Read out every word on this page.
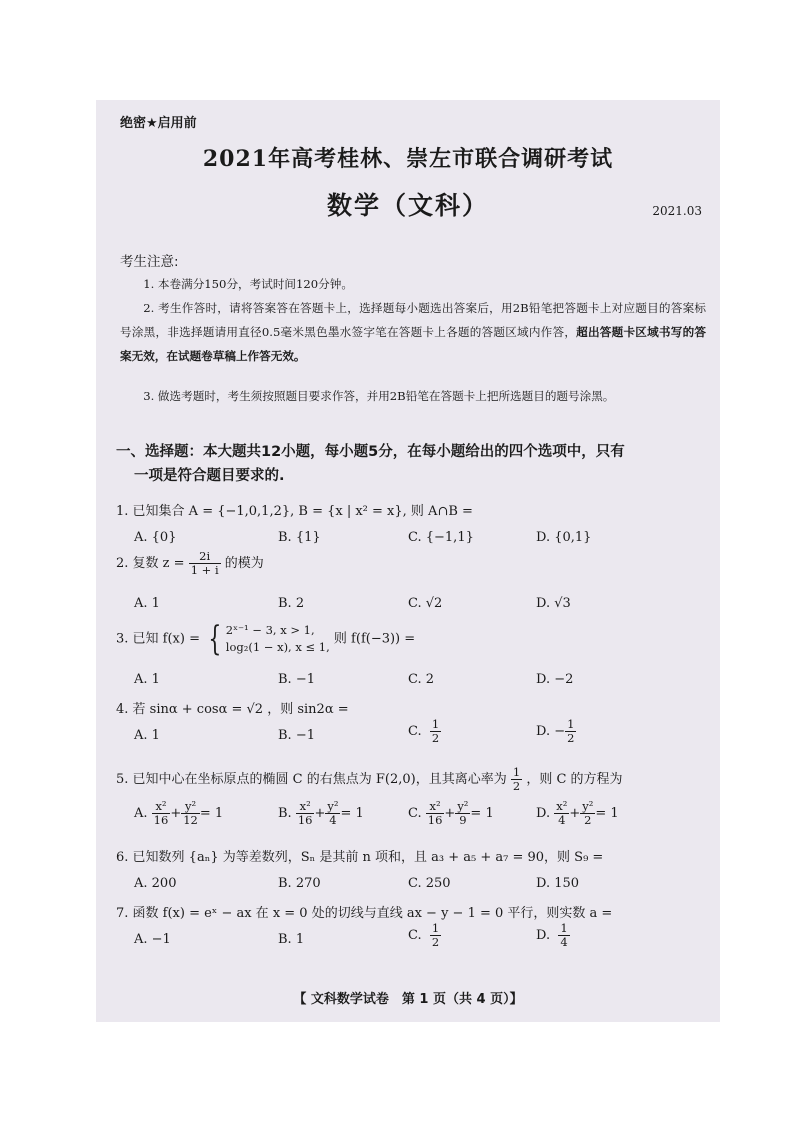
绝密★启用前
2021年高考桂林、崇左市联合调研考试
数学（文科）	2021.03
考生注意:
1. 本卷满分150分，考试时间120分钟。
2. 考生作答时，请将答案答在答题卡上，选择题每小题选出答案后，用2B铅笔把答题卡上对应题目的答案标号涂黑，非选择题请用直径0.5毫米黑色墨水签字笔在答题卡上各题的答题区域内作答，超出答题卡区域书写的答案无效，在试题卷草稿上作答无效。
3. 做选考题时，考生须按照题目要求作答，并用2B铅笔在答题卡上把所选题目的题号涂黑。
一、选择题：本大题共12小题，每小题5分，在每小题给出的四个选项中，只有
一项是符合题目要求的.
1. 已知集合 A = {−1,0,1,2}, B = {x | x² = x}, 则 A∩B =
A. {0}	B. {1}	C. {−1,1}	D. {0,1}
2. 复数 $z = \frac{2i}{1 + i}$ 的模为
A. 1	B. 2	C. √2	D. √3
3. 已知 f(x) = { 2ˣ⁻¹ − 3, x > 1,
log₂(1 − x), x ≤ 1,
则 f(f(−3)) =
A. 1	B. −1	C. 2	D. −2
4. 若 sinα + cosα = √2 ，则 sin2α =
A. 1	B. −1	C. $\frac{1}{2}$	D. − $\frac{1}{2}$
5. 已知中心在坐标原点的椭圆 C 的右焦点为 F(2,0)，且其离心率为 $\frac{1}{2}$ ，则 C 的方程为
A. $\frac{\text{x²}}{16} + \frac{\text{y²}}{12} = 1$	B. $\frac{\text{x²}}{16} + \frac{\text{y²}}{4} = 1$	C. $\frac{\text{x²}}{16} + \frac{\text{y²}}{9} = 1$	D. $\frac{\text{x²}}{4} + \frac{\text{y²}}{2} = 1$
6. 已知数列 {aₙ} 为等差数列，Sₙ 是其前 n 项和，且 a₃ + a₅ + a₇ = 90，则 S₉ =
A. 200	B. 270	C. 250	D. 150
7. 函数 f(x) = eˣ − ax 在 x = 0 处的切线与直线 ax − y − 1 = 0 平行，则实数 a =
A. −1	B. 1	C. $\frac{1}{2}$	D. $\frac{1}{4}$
【 文科数学试卷　第 1 页（共 4 页）】
